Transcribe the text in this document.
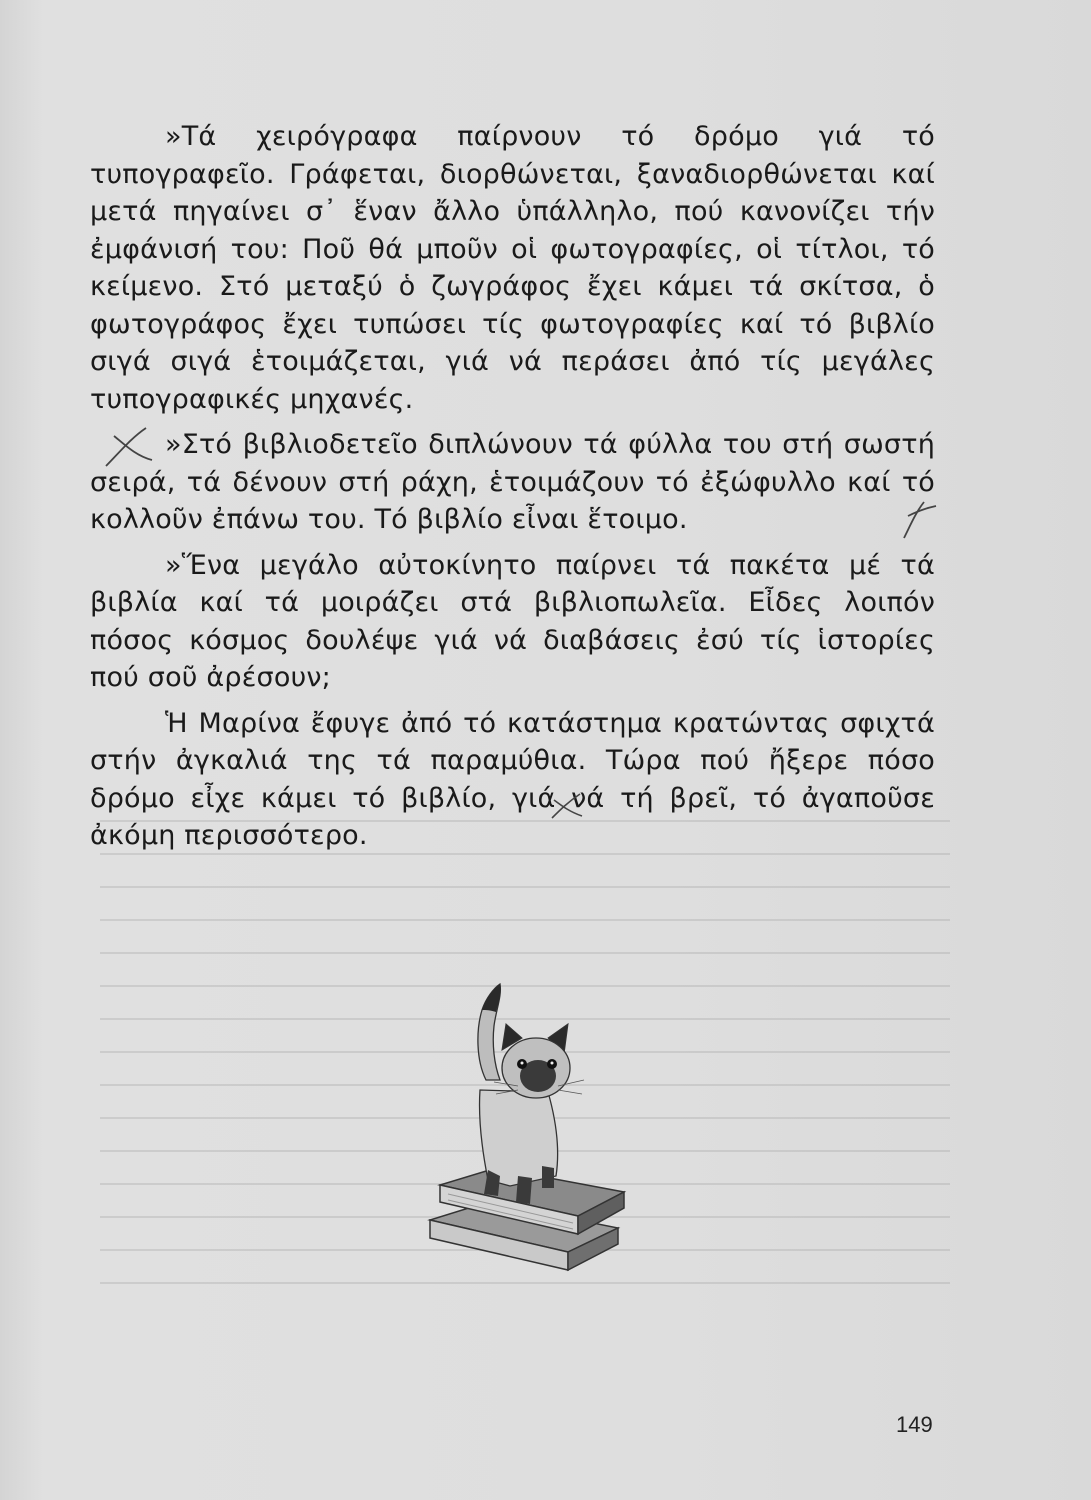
»Τά χειρόγραφα παίρνουν τό δρόμο γιά τό τυπογραφεῖο. Γράφεται, διορθώνεται, ξαναδιορθώνεται καί μετά πηγαίνει σ᾽ ἕναν ἄλλο ὑπάλληλο, πού κανονίζει τήν ἐμφάνισή του: Ποῦ θά μποῦν οἱ φωτογραφίες, οἱ τίτλοι, τό κείμενο. Στό μεταξύ ὁ ζωγράφος ἔχει κάμει τά σκίτσα, ὁ φωτογράφος ἔχει τυπώσει τίς φωτογραφίες καί τό βιβλίο σιγά σιγά ἑτοιμάζεται, γιά νά περάσει ἀπό τίς μεγάλες τυπογραφικές μηχανές.

»Στό βιβλιοδετεῖο διπλώνουν τά φύλλα του στή σωστή σειρά, τά δένουν στή ράχη, ἑτοιμάζουν τό ἐξώφυλλο καί τό κολλοῦν ἐπάνω του. Τό βιβλίο εἶναι ἕτοιμο.

»Ἕνα μεγάλο αὐτοκίνητο παίρνει τά πακέτα μέ τά βιβλία καί τά μοιράζει στά βιβλιοπωλεῖα. Εἶδες λοιπόν πόσος κόσμος δουλέψε γιά νά διαβάσεις ἐσύ τίς ἱστορίες πού σοῦ ἀρέσουν;

Ἡ Μαρίνα ἔφυγε ἀπό τό κατάστημα κρατώντας σφιχτά στήν ἀγκαλιά της τά παραμύθια. Τώρα πού ἤξερε πόσο δρόμο εἶχε κάμει τό βιβλίο, γιά νά τή βρεῖ, τό ἀγαποῦσε ἀκόμη περισσότερο.

149
